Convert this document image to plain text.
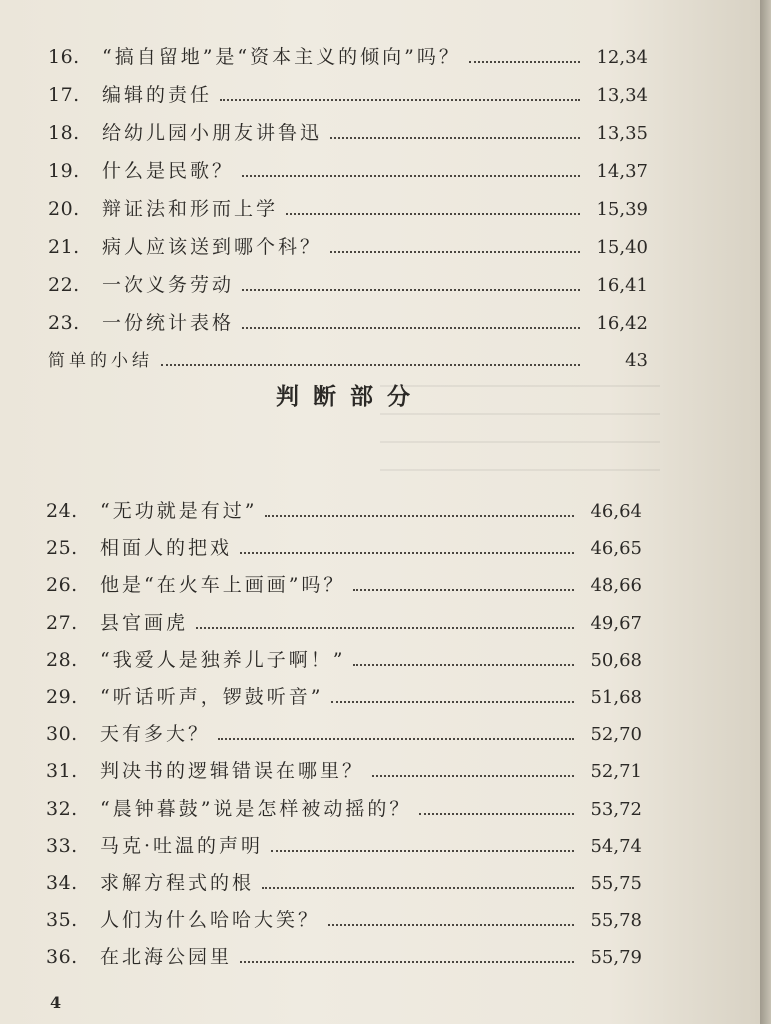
16.	“搞自留地”是“资本主义的倾向”吗？	12,34
17.	编辑的责任	13,34
18.	给幼儿园小朋友讲鲁迅	13,35
19.	什么是民歌？	14,37
20.	辩证法和形而上学	15,39
21.	病人应该送到哪个科？	15,40
22.	一次义务劳动	16,41
23.	一份统计表格	16,42
简单的小结	43
判断部分
24.	“无功就是有过”	46,64
25.	相面人的把戏	46,65
26.	他是“在火车上画画”吗？	48,66
27.	县官画虎	49,67
28.	“我爱人是独养儿子啊！”	50,68
29.	“听话听声，锣鼓听音”	51,68
30.	天有多大？	52,70
31.	判决书的逻辑错误在哪里？	52,71
32.	“晨钟暮鼓”说是怎样被动摇的？	53,72
33.	马克·吐温的声明	54,74
34.	求解方程式的根	55,75
35.	人们为什么哈哈大笑？	55,78
36.	在北海公园里	55,79
4
